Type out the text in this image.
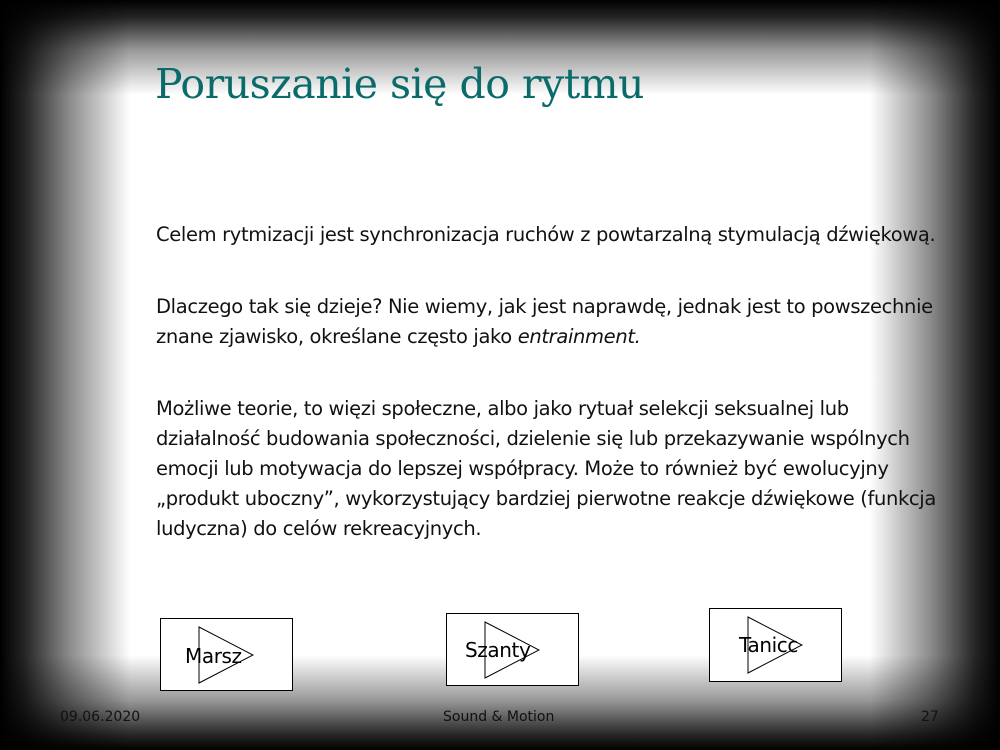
Poruszanie się do rytmu

Celem rytmizacji jest synchronizacja ruchów z powtarzalną stymulacją dźwiękową.

Dlaczego tak się dzieje? Nie wiemy, jak jest naprawdę, jednak jest to powszechnie znane zjawisko, określane często jako entrainment.

Możliwe teorie, to więzi społeczne, albo jako rytuał selekcji seksualnej lub działalność budowania społeczności, dzielenie się lub przekazywanie wspólnych emocji lub motywacja do lepszej współpracy. Może to również być ewolucyjny „produkt uboczny”, wykorzystujący bardziej pierwotne reakcje dźwiękowe (funkcja ludyczna) do celów rekreacyjnych.

Marsz	Szanty	Tanicc
09.06.2020	Sound & Motion	27
